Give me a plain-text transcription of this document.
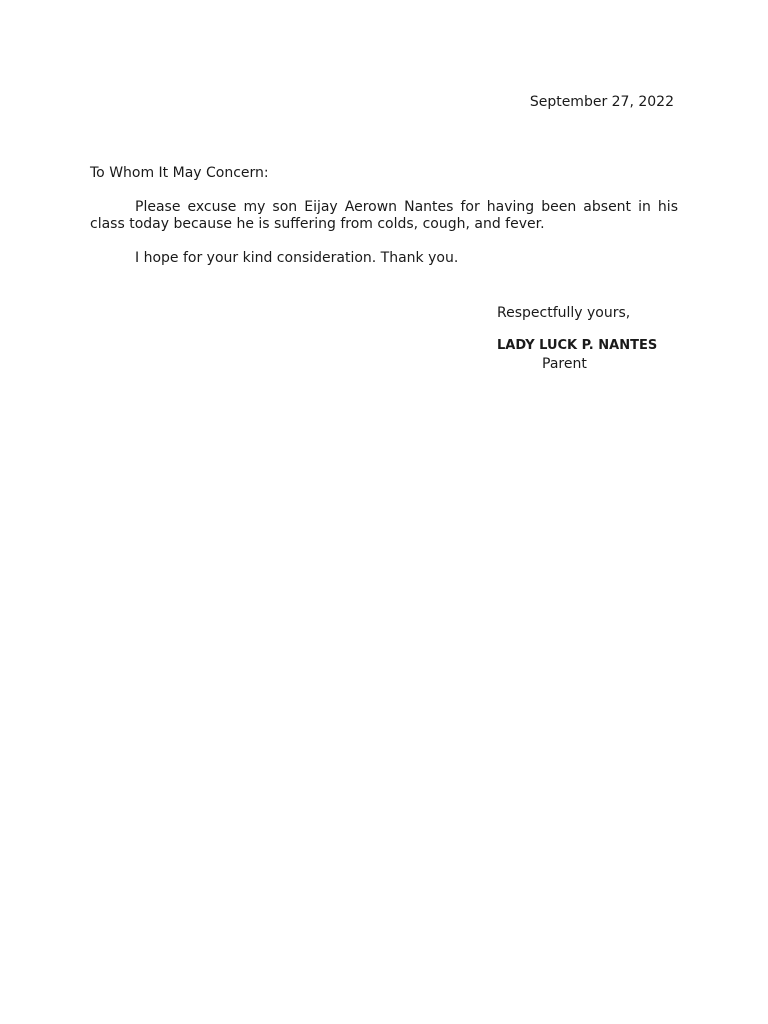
September 27, 2022
To Whom It May Concern:

Please excuse my son Eijay Aerown Nantes for having been absent in his class today because he is suffering from colds, cough, and fever.

I hope for your kind consideration. Thank you.

Respectfully yours,
LADY LUCK P. NANTES
Parent
